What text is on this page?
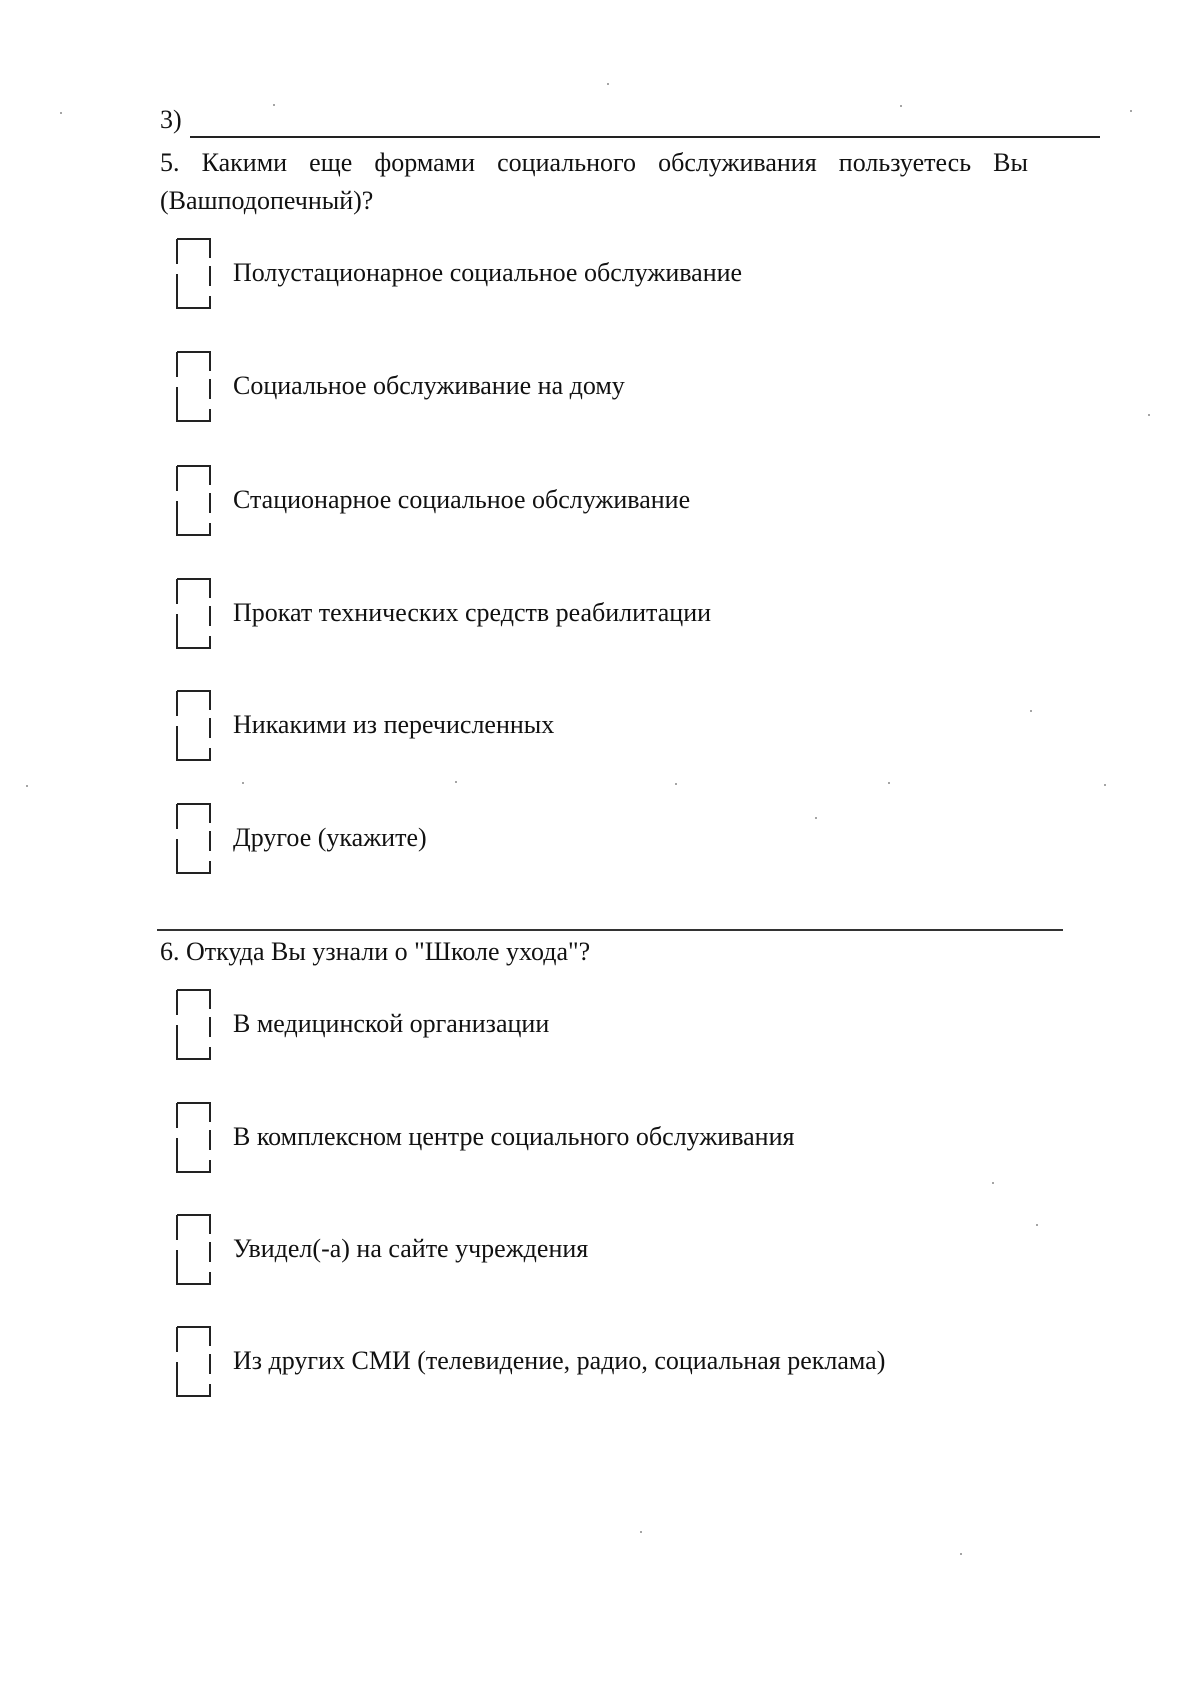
3)
5. Какими еще формами социального обслуживания пользуетесь Вы
(Вашподопечный)?
Полустационарное социальное обслуживание
Социальное обслуживание на дому
Стационарное социальное обслуживание
Прокат технических средств реабилитации
Никакими из перечисленных
Другое (укажите)
6. Откуда Вы узнали о "Школе ухода"?
В медицинской организации
В комплексном центре социального обслуживания
Увидел(-а) на сайте учреждения
Из других СМИ (телевидение, радио, социальная реклама)
